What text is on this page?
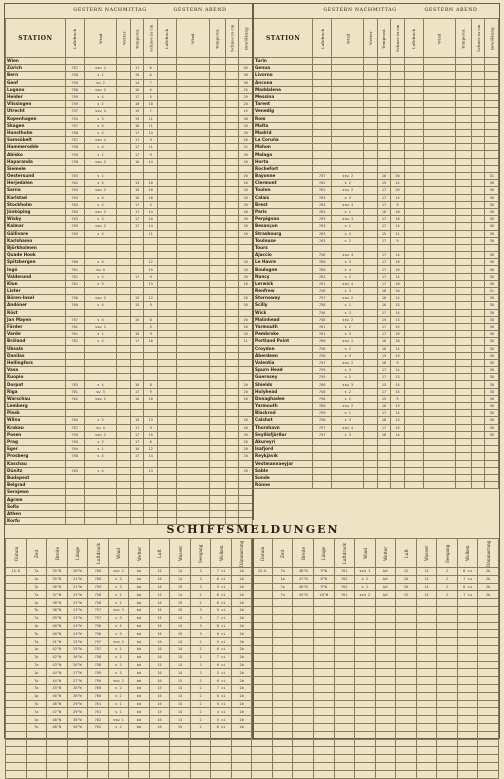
GESTERN NACHMITTAG	GESTERN ABEND	GESTERN NACHMITTAG	GESTERN ABEND
STATION	Luftdruck	Wind	Wetter	Temperat.	Schnee in cm	Luftdruck	Wind	Temperat.	Schnee in cm	Bewölkung
Wien										
Zürich	757	ssw 1		17	6					59
Bern	758	s 1		15	6					30
Genf	759	sw 2		14	7					30
Lugano	758	ssw 2		16	5					25
Heider	759	s 4		17	5					29
Vlissingen	759	s 2		16	10					20
Utrecht	757	ssw 4		15	7					15
Kopenhagen	755	s 3		19	11					30
Skagen	757	s 5		18	11					20
Hanstholm	758	s 4		17	14					20
Samsöbelt	757	ssw 4		17	9					26
Hammerodde	758	s 4		17	11					22
Abisko	759	s 1		17	9					20
Haparanda	758	ssw 2		16	14					20
Siemele										
Oestersund	763	s 1								20
Herjedalen	762	s 3		13	10					20
Sarna	763	ssw 2		15	10					20
Karlstad	763	s 4		16	16					20
Stockholm	765	s 4		17	5					20
Jönköping	763	ssw 2		17	14					20
Wisby	763	s 3		17	10					20
Kalmar	765	ssw 2		17	14					20
Gällivare	763	s 4			11					20
Karlshamn										
Björkholmen										
Quade Hook										
Spitzbergen	760	s 4			12					20
Ingö	761	sw 4			15					20
Valderund	761	s 3		17	9					20
Klun	761	s 3			13					10
Lister										
Bören-Insel	756	ssw 2		15	12					20
Andöner	760	s 4		15	9					20
Röst										
Jan Mayen	757	s 4		15	8					20
Färder	761	ssw 1			5					20
Varde	761	s 1		15	9					20
Bröland	762	s 4		17	16					21
Ubsala										
Danilas										
Hellingfors										
Vasa										
Kuopio										
Dorpat	763	s 4		16	8					20
Riga	761	sw 3		17	9					20
Warschau	762	ssw 2		16	10					20
Lemberg										
Pinsk										
Wilna	763	s 3		15	13					20
Krakau	757	sw 4		17	9					20
Posen	759	ssw 2		17	15					20
Prag	763	s 3		17	8					20
Eger	764	s 1		16	12					20
Prosberg	758	s 4		17	14					20
Kaschau										
Dünitz	763	s 4			13					20
Budapest										
Belgrad										
Serajewo										
Agram										
Sofia										
Athen										
Korfu										
STATION	Luftdruck	Wind	Wetter	Temperat.	Schnee in cm	Luftdruck	Wind	Temperat.	Schnee in cm	Bewölkung
Turin										
Genua										
Livorno										
Ancona										
Maddalena										
Messina										
Tarent										
Venedig										
Rom										
Malta										
Madrid										
La Coruña										
Mahon										
Malaga										
Horta										
Rochefort										
Bayonne	757	ssw 2		16	30					31
Clermont	762	s 2		15	12					30
Toulon	762	ssw 2		17	20					30
Calais	763	s 2		17	14					30
Brest	763	ssw 4		17	9					30
Paris	762	s 1		16	10					30
Perpignan	763	ssw 3		17	18					30
Besançon	763	s 1		17	14					30
Strasbourg	763	s 2		15	11					30
Toulouse	763	s 2		17	9					30
Tours										
Ajaccio	758	ssw 4		17	14					30
Le Havre	760	s 3		17	18					30
Boulogne	760	s 4		17	10					30
Nancy	762	s 2		17	14					30
Lerwick	761	ssw 4		17	10					30
Renfrew	758	s 3		16	10					31
Stornoway	757	ssw 2		16	14					30
Scilly	758	s 1		16	15					30
Wick	756	s 3		17	14					30
Malinhead	758	ssw 2		15	13					30
Yarmouth	761	s 2		17	15					30
Pembroke	761	s 3		17	10					30
Portland Point	760	ssw 2		16	10					30
Croydon	758	s 2		16	14					30
Aberdeen	758	s 3		15	13					30
Valentia	757	ssw 2		16	9					30
Spurn Head	759	s 3		17	14					30
Guernsey	759	s 2		17	13					30
Shields	760	ssw 3		15	14					30
Holyhead	758	s 2		17	15					30
Donaghadee	758	s 2		15	9					30
Yarmouth	760	ssw 2		16	13					30
Blackrod	759	s 1		17	14					30
Calshot	758	s 3		16	13					30
Thorshavn	757	ssw 4		17	15					30
Seyðisfjörður	757	s 3		16	14					30
Akureyri										
Isafjord										
Reykjavík										
Vestmannaeyjar										
Sable										
Sonde										
Rönne										
SCHIFFSMELDUNGEN
Datum	Zeit	Breite	Länge	Luftdruck	Wind	Wetter	Luft	Wasser	Seegang	Wolken	Dämmerung	Datum	Zeit	Breite	Länge	Luftdruck	Wind	Wetter	Luft	Wasser	Seegang	Wolken	Dämmerung
15.6	7a	35°N	20°W	760	ssw 2	bd	15	14	3	7 ci	2b	15.6	7a	48°N	9°W	761	ssw 1	bd	15	13	2	8 cu	2b
	1p	35°N	21°W	760	s 3	bd	16	14	3	6 ci	2b		1p	47°N	8°W	762	s 2	bd	16	13	2	7 cu	2b
	7p	36°N	21°W	759	s 3	bd	16	15	3	5 ci	2b		7p	46°N	9°W	762	s 1	bd	16	14	2	6 cu	2b
	7a	37°N	22°W	758	s 2	bd	15	14	2	6 ci	2b		7a	45°N	10°W	761	ssw 2	bd	15	13	2	7 cu	2b
	1p	38°N	22°W	758	s 2	bd	16	15	2	6 ci	2b												
	7p	38°N	23°W	757	ssw 3	bd	16	15	3	5 ci	2b												
	7a	39°N	23°W	757	s 3	bd	15	14	3	7 ci	2b												
	1p	40°N	24°W	756	s 4	bd	16	14	3	8 ci	2b												
	7p	40°N	24°W	756	s 3	bd	16	15	3	6 ci	2b												
	7a	41°N	25°W	757	ssw 2	bd	15	14	2	5 ci	2b												
	1p	42°N	25°W	757	s 2	bd	16	14	2	6 ci	2b												
	7p	42°N	26°W	758	s 2	bd	16	15	2	7 ci	2b												
	7a	43°N	26°W	758	s 3	bd	15	14	3	6 ci	2b												
	1p	44°N	27°W	759	s 3	bd	16	14	3	5 ci	2b												
	7p	44°N	27°W	759	ssw 2	bd	16	15	2	6 ci	2b												
	7a	45°N	28°W	760	s 2	bd	15	14	2	7 ci	2b												
	1p	46°N	28°W	760	s 2	bd	16	14	2	6 ci	2b												
	7p	46°N	29°W	761	s 1	bd	16	15	2	5 ci	2b												
	7a	47°N	29°W	761	s 1	bd	15	14	2	4 ci	2b												
	1p	48°N	30°W	762	ssw 1	bd	16	14	2	5 ci	2b												
	7p	48°N	30°W	762	s 2	bd	16	15	2	6 ci	2b												
